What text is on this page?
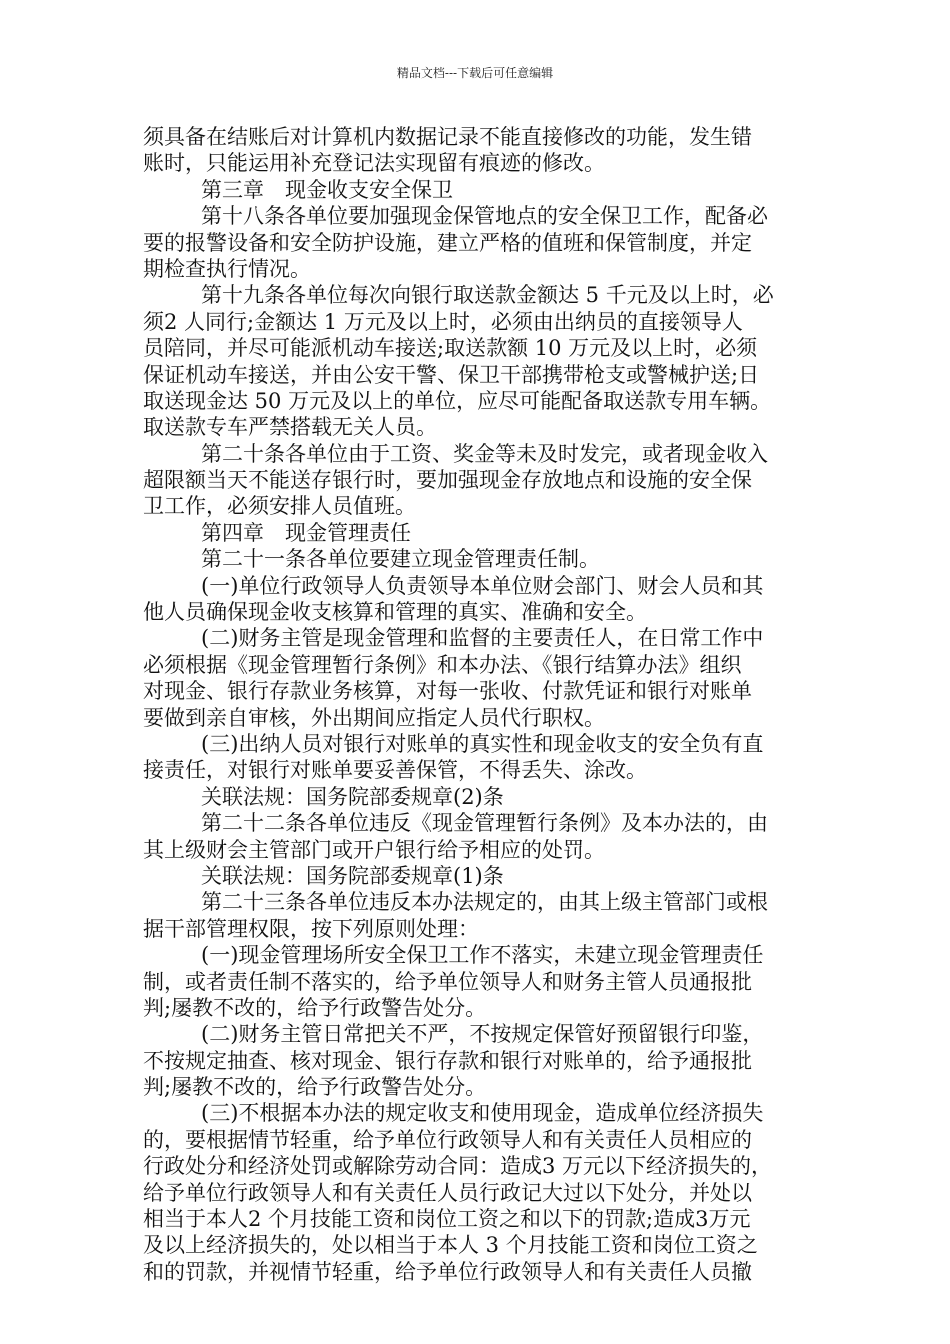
精品文档---下载后可任意编辑
须具备在结账后对计算机内数据记录不能直接修改的功能，发生错
账时，只能运用补充登记法实现留有痕迹的修改。
第三章　现金收支安全保卫
第十八条各单位要加强现金保管地点的安全保卫工作，配备必
要的报警设备和安全防护设施，建立严格的值班和保管制度，并定
期检查执行情况。
第十九条各单位每次向银行取送款金额达 5 千元及以上时，必
须2 人同行;金额达 1 万元及以上时，必须由出纳员的直接领导人
员陪同，并尽可能派机动车接送;取送款额 10 万元及以上时，必须
保证机动车接送，并由公安干警、保卫干部携带枪支或警械护送;日
取送现金达 50 万元及以上的单位，应尽可能配备取送款专用车辆。
取送款专车严禁搭载无关人员。
第二十条各单位由于工资、奖金等未及时发完，或者现金收入
超限额当天不能送存银行时，要加强现金存放地点和设施的安全保
卫工作，必须安排人员值班。
第四章　现金管理责任
第二十一条各单位要建立现金管理责任制。
(一)单位行政领导人负责领导本单位财会部门、财会人员和其
他人员确保现金收支核算和管理的真实、准确和安全。
(二)财务主管是现金管理和监督的主要责任人，在日常工作中
必须根据《现金管理暂行条例》和本办法、《银行结算办法》组织
对现金、银行存款业务核算，对每一张收、付款凭证和银行对账单
要做到亲自审核，外出期间应指定人员代行职权。
(三)出纳人员对银行对账单的真实性和现金收支的安全负有直
接责任，对银行对账单要妥善保管，不得丢失、涂改。
关联法规：国务院部委规章(2)条
第二十二条各单位违反《现金管理暂行条例》及本办法的，由
其上级财会主管部门或开户银行给予相应的处罚。
关联法规：国务院部委规章(1)条
第二十三条各单位违反本办法规定的，由其上级主管部门或根
据干部管理权限，按下列原则处理：
(一)现金管理场所安全保卫工作不落实，未建立现金管理责任
制，或者责任制不落实的，给予单位领导人和财务主管人员通报批
判;屡教不改的，给予行政警告处分。
(二)财务主管日常把关不严，不按规定保管好预留银行印鉴，
不按规定抽查、核对现金、银行存款和银行对账单的，给予通报批
判;屡教不改的，给予行政警告处分。
(三)不根据本办法的规定收支和使用现金，造成单位经济损失
的，要根据情节轻重，给予单位行政领导人和有关责任人员相应的
行政处分和经济处罚或解除劳动合同：造成3 万元以下经济损失的，
给予单位行政领导人和有关责任人员行政记大过以下处分，并处以
相当于本人2 个月技能工资和岗位工资之和以下的罚款;造成3万元
及以上经济损失的，处以相当于本人 3 个月技能工资和岗位工资之
和的罚款，并视情节轻重，给予单位行政领导人和有关责任人员撤
